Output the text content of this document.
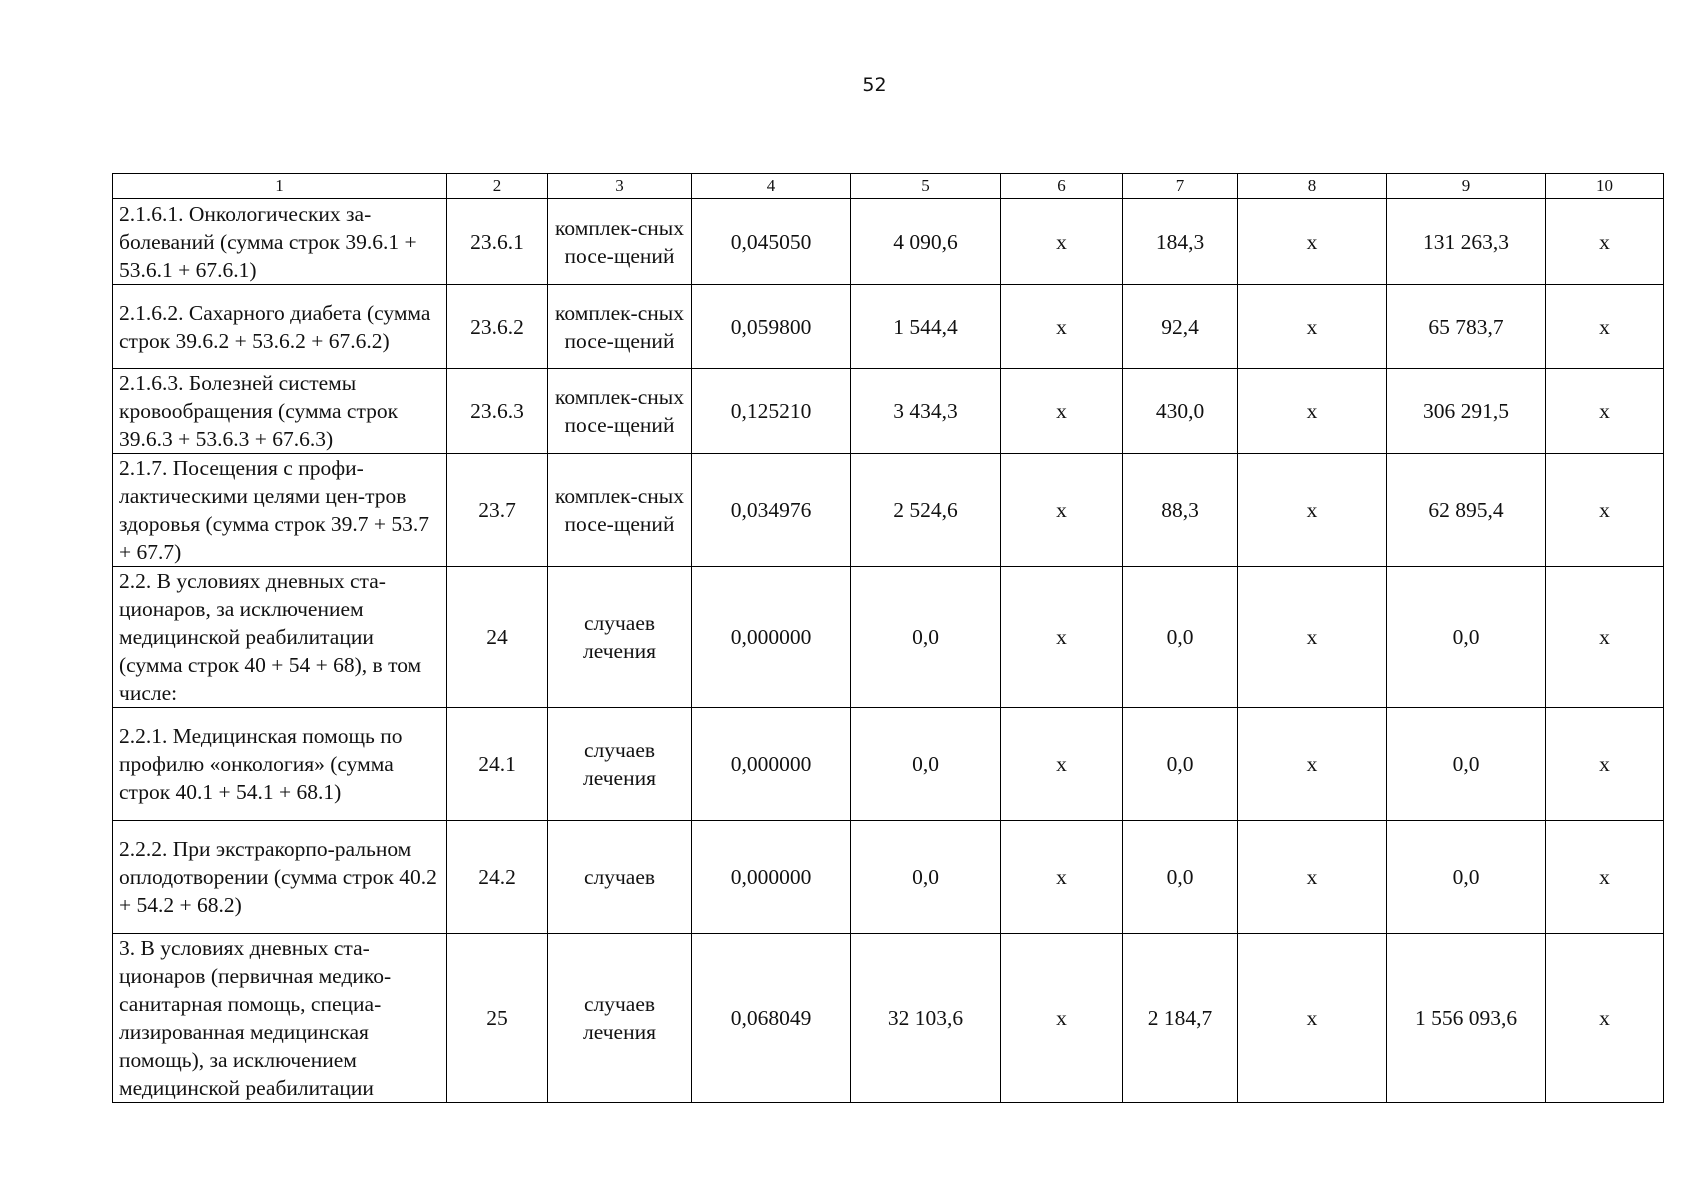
52
1	2	3	4	5	6	7	8	9	10
2.1.6.1. Онкологических за-болеваний (сумма строк 39.6.1 + 53.6.1 + 67.6.1)	23.6.1	комплек-сных посе-щений	0,045050	4 090,6	х	184,3	х	131 263,3	х
2.1.6.2. Сахарного диабета (сумма строк 39.6.2 + 53.6.2 + 67.6.2)	23.6.2	комплек-сных посе-щений	0,059800	1 544,4	х	92,4	х	65 783,7	х
2.1.6.3. Болезней системы кровообращения (сумма строк 39.6.3 + 53.6.3 + 67.6.3)	23.6.3	комплек-сных посе-щений	0,125210	3 434,3	х	430,0	х	306 291,5	х
2.1.7. Посещения с профи-лактическими целями цен-тров здоровья (сумма строк 39.7 + 53.7 + 67.7)	23.7	комплек-сных посе-щений	0,034976	2 524,6	х	88,3	х	62 895,4	х
2.2. В условиях дневных ста-ционаров, за исключением медицинской реабилитации (сумма строк 40 + 54 + 68), в том числе:	24	случаев лечения	0,000000	0,0	х	0,0	х	0,0	х
2.2.1. Медицинская помощь по профилю «онкология» (сумма строк 40.1 + 54.1 + 68.1)	24.1	случаев лечения	0,000000	0,0	х	0,0	х	0,0	х
2.2.2. При экстракорпо-ральном оплодотворении (сумма строк 40.2 + 54.2 + 68.2)	24.2	случаев	0,000000	0,0	х	0,0	х	0,0	х
3. В условиях дневных ста-ционаров (первичная медико-санитарная помощь, специа-лизированная медицинская помощь), за исключением медицинской реабилитации	25	случаев лечения	0,068049	32 103,6	х	2 184,7	х	1 556 093,6	х
